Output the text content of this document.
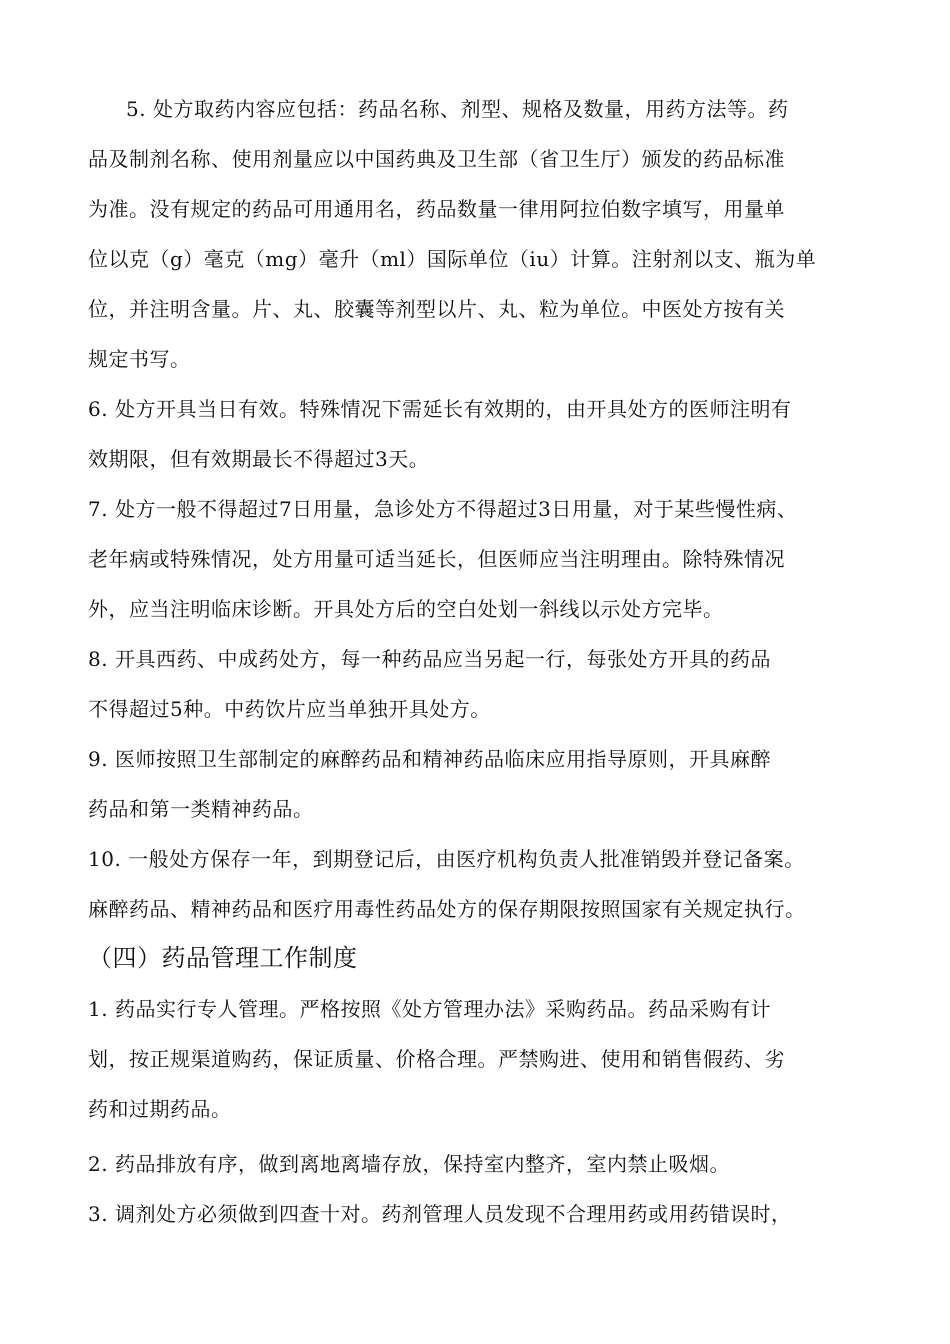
5. 处方取药内容应包括：药品名称、剂型、规格及数量，用药方法等。药
品及制剂名称、使用剂量应以中国药典及卫生部（省卫生厅）颁发的药品标准
为准。没有规定的药品可用通用名，药品数量一律用阿拉伯数字填写，用量单
位以克（g）毫克（mg）毫升（ml）国际单位（iu）计算。注射剂以支、瓶为单
位，并注明含量。片、丸、胶囊等剂型以片、丸、粒为单位。中医处方按有关
规定书写。
6. 处方开具当日有效。特殊情况下需延长有效期的，由开具处方的医师注明有
效期限，但有效期最长不得超过3天。
7. 处方一般不得超过7日用量，急诊处方不得超过3日用量，对于某些慢性病、
老年病或特殊情况，处方用量可适当延长，但医师应当注明理由。除特殊情况
外，应当注明临床诊断。开具处方后的空白处划一斜线以示处方完毕。
8. 开具西药、中成药处方，每一种药品应当另起一行，每张处方开具的药品
不得超过5种。中药饮片应当单独开具处方。
9. 医师按照卫生部制定的麻醉药品和精神药品临床应用指导原则，开具麻醉
药品和第一类精神药品。
10. 一般处方保存一年，到期登记后，由医疗机构负责人批准销毁并登记备案。
麻醉药品、精神药品和医疗用毒性药品处方的保存期限按照国家有关规定执行。
（四）药品管理工作制度
1. 药品实行专人管理。严格按照《处方管理办法》采购药品。药品采购有计
划，按正规渠道购药，保证质量、价格合理。严禁购进、使用和销售假药、劣
药和过期药品。
2. 药品排放有序，做到离地离墙存放，保持室内整齐，室内禁止吸烟。
3. 调剂处方必须做到四查十对。药剂管理人员发现不合理用药或用药错误时，
